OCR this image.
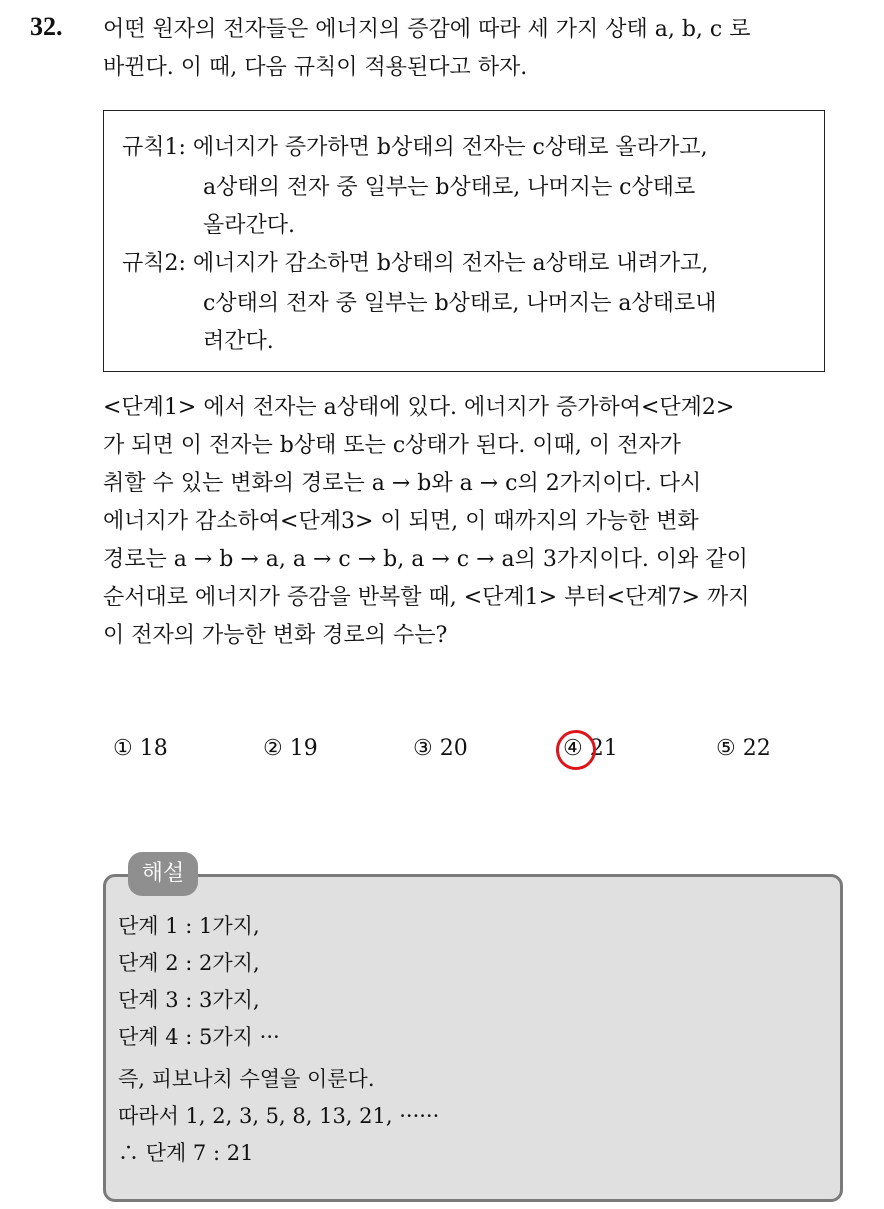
32. 어떤 원자의 전자들은 에너지의 증감에 따라 세 가지 상태 a, b, c 로
바뀐다. 이 때, 다음 규칙이 적용된다고 하자.
규칙1: 에너지가 증가하면 b상태의 전자는 c상태로 올라가고,
a상태의 전자 중 일부는 b상태로, 나머지는 c상태로
올라간다.
규칙2: 에너지가 감소하면 b상태의 전자는 a상태로 내려가고,
c상태의 전자 중 일부는 b상태로, 나머지는 a상태로내
려간다.
<단계1> 에서 전자는 a상태에 있다. 에너지가 증가하여<단계2>
가 되면 이 전자는 b상태 또는 c상태가 된다. 이때, 이 전자가
취할 수 있는 변화의 경로는 a → b와 a → c의 2가지이다. 다시
에너지가 감소하여<단계3> 이 되면, 이 때까지의 가능한 변화
경로는 a → b → a, a → c → b, a → c → a의 3가지이다. 이와 같이
순서대로 에너지가 증감을 반복할 때, <단계1> 부터<단계7> 까지
이 전자의 가능한 변화 경로의 수는?
① 18	② 19	③ 20	④ 21	⑤ 22
해설
단계 1 : 1가지,
단계 2 : 2가지,
단계 3 : 3가지,
단계 4 : 5가지 ···
즉, 피보나치 수열을 이룬다.
따라서 1, 2, 3, 5, 8, 13, 21, ······
∴ 단계 7 : 21
